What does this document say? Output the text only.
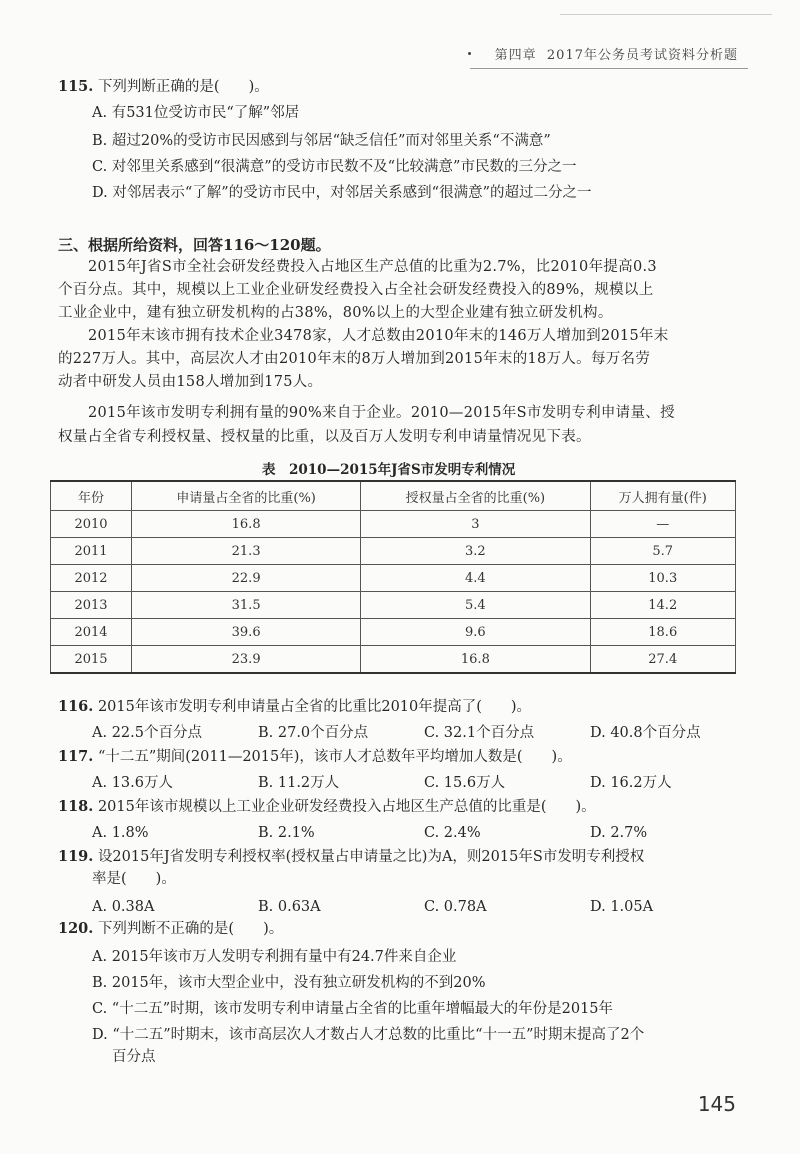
第四章 2017年公务员考试资料分析题
115. 下列判断正确的是(　　)。
A. 有531位受访市民“了解”邻居
B. 超过20%的受访市民因感到与邻居“缺乏信任”而对邻里关系“不满意”
C. 对邻里关系感到“很满意”的受访市民数不及“比较满意”市民数的三分之一
D. 对邻居表示“了解”的受访市民中，对邻居关系感到“很满意”的超过二分之一
三、根据所给资料，回答116～120题。
2015年J省S市全社会研发经费投入占地区生产总值的比重为2.7%，比2010年提高0.3
个百分点。其中，规模以上工业企业研发经费投入占全社会研发经费投入的89%，规模以上
工业企业中，建有独立研发机构的占38%，80%以上的大型企业建有独立研发机构。
2015年末该市拥有技术企业3478家，人才总数由2010年末的146万人增加到2015年末
的227万人。其中，高层次人才由2010年末的8万人增加到2015年末的18万人。每万名劳
动者中研发人员由158人增加到175人。
2015年该市发明专利拥有量的90%来自于企业。2010—2015年S市发明专利申请量、授
权量占全省专利授权量、授权量的比重，以及百万人发明专利申请量情况见下表。
表　2010—2015年J省S市发明专利情况
年份	申请量占全省的比重(%)	授权量占全省的比重(%)	万人拥有量(件)
2010	16.8	3	—
2011	21.3	3.2	5.7
2012	22.9	4.4	10.3
2013	31.5	5.4	14.2
2014	39.6	9.6	18.6
2015	23.9	16.8	27.4
116. 2015年该市发明专利申请量占全省的比重比2010年提高了(　　)。
A. 22.5个百分点	B. 27.0个百分点	C. 32.1个百分点	D. 40.8个百分点
117. “十二五”期间(2011—2015年)，该市人才总数年平均增加人数是(　　)。
A. 13.6万人	B. 11.2万人	C. 15.6万人	D. 16.2万人
118. 2015年该市规模以上工业企业研发经费投入占地区生产总值的比重是(　　)。
A. 1.8%	B. 2.1%	C. 2.4%	D. 2.7%
119. 设2015年J省发明专利授权率(授权量占申请量之比)为A，则2015年S市发明专利授权
率是(　　)。
A. 0.38A	B. 0.63A	C. 0.78A	D. 1.05A
120. 下列判断不正确的是(　　)。
A. 2015年该市万人发明专利拥有量中有24.7件来自企业
B. 2015年，该市大型企业中，没有独立研发机构的不到20%
C. “十二五”时期，该市发明专利申请量占全省的比重年增幅最大的年份是2015年
D. “十二五”时期末，该市高层次人才数占人才总数的比重比“十一五”时期末提高了2个
百分点
145
